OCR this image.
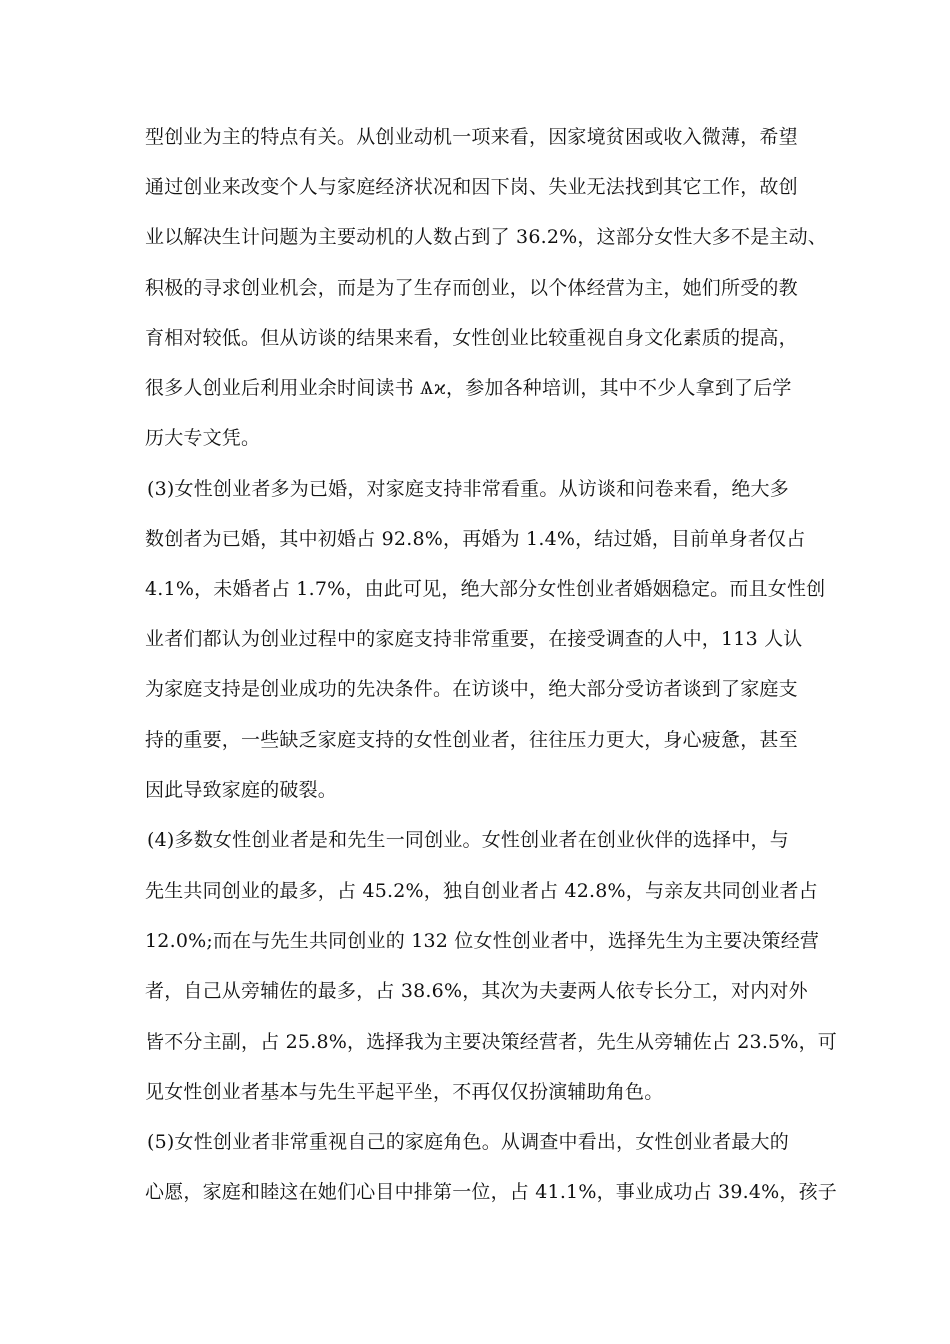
型创业为主的特点有关。从创业动机一项来看，因家境贫困或收入微薄，希望

通过创业来改变个人与家庭经济状况和因下岗、失业无法找到其它工作，故创

业以解决生计问题为主要动机的人数占到了 36.2%，这部分女性大多不是主动、

积极的寻求创业机会，而是为了生存而创业，以个体经营为主，她们所受的教

育相对较低。但从访谈的结果来看，女性创业比较重视自身文化素质的提高，

很多人创业后利用业余时间读书 Ѧϰ，参加各种培训，其中不少人拿到了后学

历大专文凭。

(3)女性创业者多为已婚，对家庭支持非常看重。从访谈和问卷来看，绝大多

数创者为已婚，其中初婚占 92.8%，再婚为 1.4%，结过婚，目前单身者仅占

4.1%，未婚者占 1.7%，由此可见，绝大部分女性创业者婚姻稳定。而且女性创

业者们都认为创业过程中的家庭支持非常重要，在接受调查的人中，113 人认

为家庭支持是创业成功的先决条件。在访谈中，绝大部分受访者谈到了家庭支

持的重要，一些缺乏家庭支持的女性创业者，往往压力更大，身心疲惫，甚至

因此导致家庭的破裂。

(4)多数女性创业者是和先生一同创业。女性创业者在创业伙伴的选择中，与

先生共同创业的最多，占 45.2%，独自创业者占 42.8%，与亲友共同创业者占

12.0%;而在与先生共同创业的 132 位女性创业者中，选择先生为主要决策经营

者，自己从旁辅佐的最多，占 38.6%，其次为夫妻两人依专长分工，对内对外

皆不分主副，占 25.8%，选择我为主要决策经营者，先生从旁辅佐占 23.5%，可

见女性创业者基本与先生平起平坐，不再仅仅扮演辅助角色。

(5)女性创业者非常重视自己的家庭角色。从调查中看出，女性创业者最大的

心愿，家庭和睦这在她们心目中排第一位，占 41.1%，事业成功占 39.4%，孩子
